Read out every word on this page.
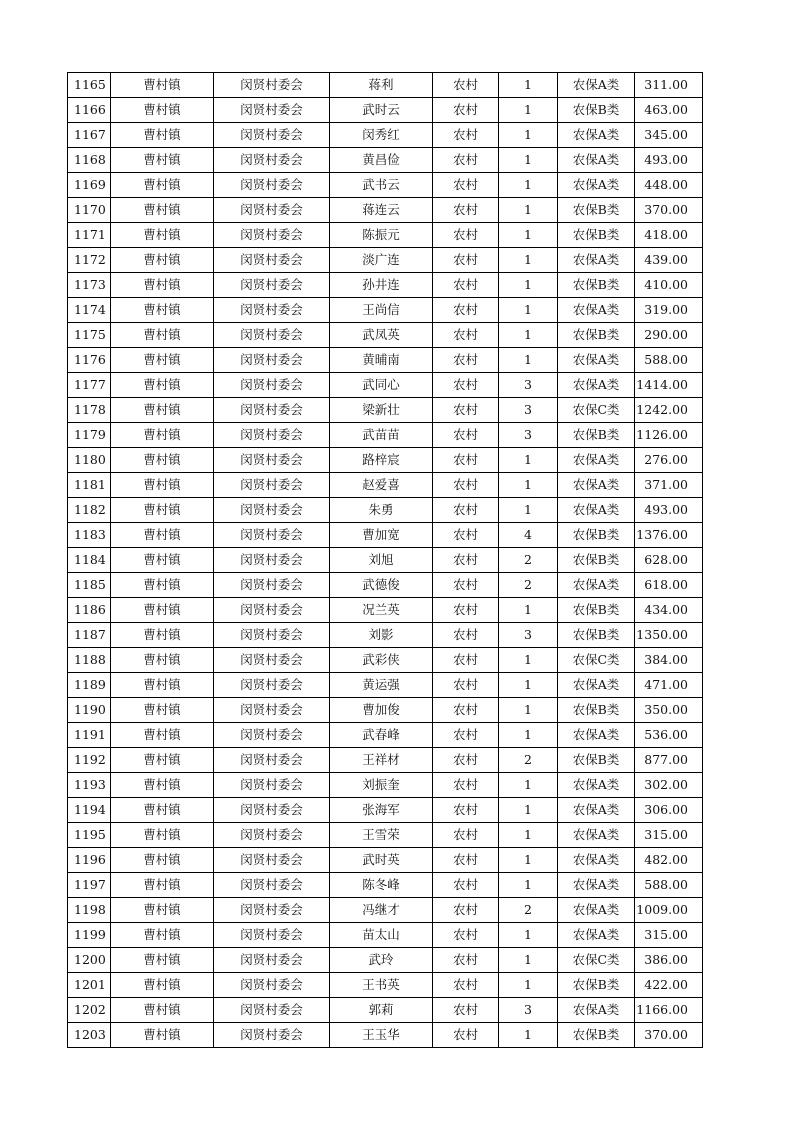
1165	曹村镇	闵贤村委会	蒋利	农村	1	农保A类	311.00
1166	曹村镇	闵贤村委会	武时云	农村	1	农保B类	463.00
1167	曹村镇	闵贤村委会	闵秀红	农村	1	农保A类	345.00
1168	曹村镇	闵贤村委会	黄昌俭	农村	1	农保A类	493.00
1169	曹村镇	闵贤村委会	武书云	农村	1	农保A类	448.00
1170	曹村镇	闵贤村委会	蒋连云	农村	1	农保B类	370.00
1171	曹村镇	闵贤村委会	陈振元	农村	1	农保B类	418.00
1172	曹村镇	闵贤村委会	淡广连	农村	1	农保A类	439.00
1173	曹村镇	闵贤村委会	孙井连	农村	1	农保B类	410.00
1174	曹村镇	闵贤村委会	王尚信	农村	1	农保A类	319.00
1175	曹村镇	闵贤村委会	武凤英	农村	1	农保B类	290.00
1176	曹村镇	闵贤村委会	黄晡南	农村	1	农保A类	588.00
1177	曹村镇	闵贤村委会	武同心	农村	3	农保A类	1414.00
1178	曹村镇	闵贤村委会	梁新壮	农村	3	农保C类	1242.00
1179	曹村镇	闵贤村委会	武苗苗	农村	3	农保B类	1126.00
1180	曹村镇	闵贤村委会	路梓宸	农村	1	农保A类	276.00
1181	曹村镇	闵贤村委会	赵爱喜	农村	1	农保A类	371.00
1182	曹村镇	闵贤村委会	朱勇	农村	1	农保A类	493.00
1183	曹村镇	闵贤村委会	曹加宽	农村	4	农保B类	1376.00
1184	曹村镇	闵贤村委会	刘旭	农村	2	农保B类	628.00
1185	曹村镇	闵贤村委会	武德俊	农村	2	农保A类	618.00
1186	曹村镇	闵贤村委会	况兰英	农村	1	农保B类	434.00
1187	曹村镇	闵贤村委会	刘影	农村	3	农保B类	1350.00
1188	曹村镇	闵贤村委会	武彩侠	农村	1	农保C类	384.00
1189	曹村镇	闵贤村委会	黄运强	农村	1	农保A类	471.00
1190	曹村镇	闵贤村委会	曹加俊	农村	1	农保B类	350.00
1191	曹村镇	闵贤村委会	武春峰	农村	1	农保A类	536.00
1192	曹村镇	闵贤村委会	王祥材	农村	2	农保B类	877.00
1193	曹村镇	闵贤村委会	刘振奎	农村	1	农保A类	302.00
1194	曹村镇	闵贤村委会	张海军	农村	1	农保A类	306.00
1195	曹村镇	闵贤村委会	王雪荣	农村	1	农保A类	315.00
1196	曹村镇	闵贤村委会	武时英	农村	1	农保A类	482.00
1197	曹村镇	闵贤村委会	陈冬峰	农村	1	农保A类	588.00
1198	曹村镇	闵贤村委会	冯继才	农村	2	农保A类	1009.00
1199	曹村镇	闵贤村委会	苗太山	农村	1	农保A类	315.00
1200	曹村镇	闵贤村委会	武玲	农村	1	农保C类	386.00
1201	曹村镇	闵贤村委会	王书英	农村	1	农保B类	422.00
1202	曹村镇	闵贤村委会	郭莉	农村	3	农保A类	1166.00
1203	曹村镇	闵贤村委会	王玉华	农村	1	农保B类	370.00
